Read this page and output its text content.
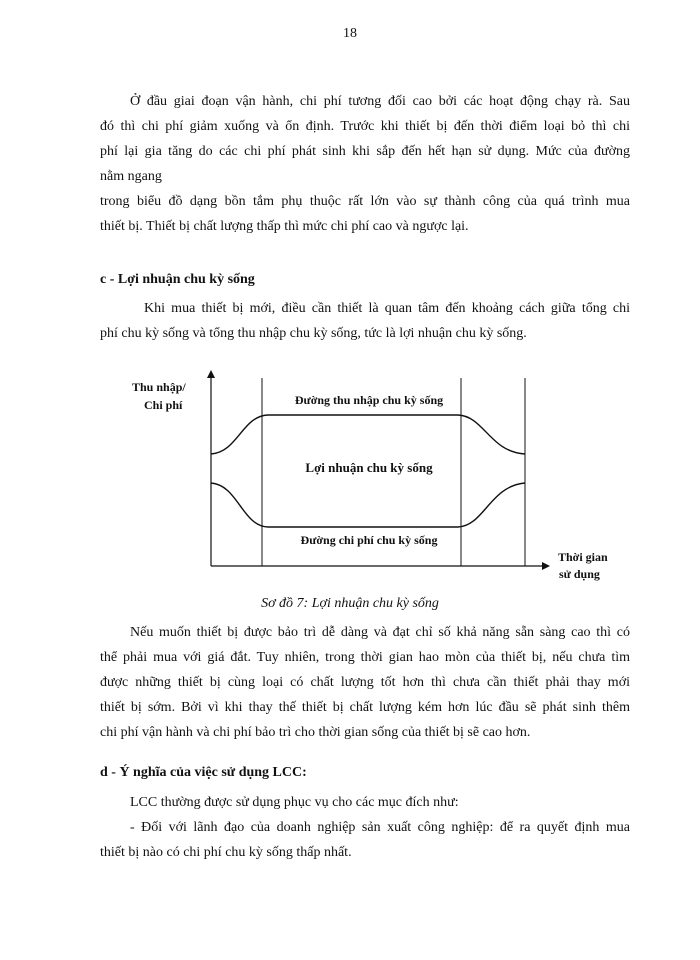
18
Ở đầu giai đoạn vận hành, chi phí tương đối cao bởi các hoạt động chạy rà. Sau
đó thì chi phí giảm xuống và ổn định. Trước khi thiết bị đến thời điểm loại bỏ thì chi
phí lại gia tăng do các chi phí phát sinh khi sắp đến hết hạn sử dụng. Mức của đường
nằm ngang
trong biểu đồ dạng bồn tắm phụ thuộc rất lớn vào sự thành công của quá trình mua
thiết bị. Thiết bị chất lượng thấp thì mức chi phí cao và ngược lại.
c - Lợi nhuận chu kỳ sống
Khi mua thiết bị mới, điều cần thiết là quan tâm đến khoảng cách giữa tổng chi
phí chu kỳ sống và tổng thu nhập chu kỳ sống, tức là lợi nhuận chu kỳ sống.
Thu nhập/
Chi phí	Đường thu nhập chu kỳ sống
Lợi nhuận chu kỳ sống
Đường chi phí chu kỳ sống
Thời gian
sử dụng
Sơ đồ 7: Lợi nhuận chu kỳ sống
Nếu muốn thiết bị được bảo trì dễ dàng và đạt chỉ số khả năng sẵn sàng cao thì có
thể phải mua với giá đắt. Tuy nhiên, trong thời gian hao mòn của thiết bị, nếu chưa tìm
được những thiết bị cùng loại có chất lượng tốt hơn thì chưa cần thiết phải thay mới
thiết bị sớm. Bởi vì khi thay thế thiết bị chất lượng kém hơn lúc đầu sẽ phát sinh thêm
chi phí vận hành và chi phí bảo trì cho thời gian sống của thiết bị sẽ cao hơn.
d - Ý nghĩa của việc sử dụng LCC:
LCC thường được sử dụng phục vụ cho các mục đích như:
- Đối với lãnh đạo của doanh nghiệp sản xuất công nghiệp: để ra quyết định mua
thiết bị nào có chi phí chu kỳ sống thấp nhất.
